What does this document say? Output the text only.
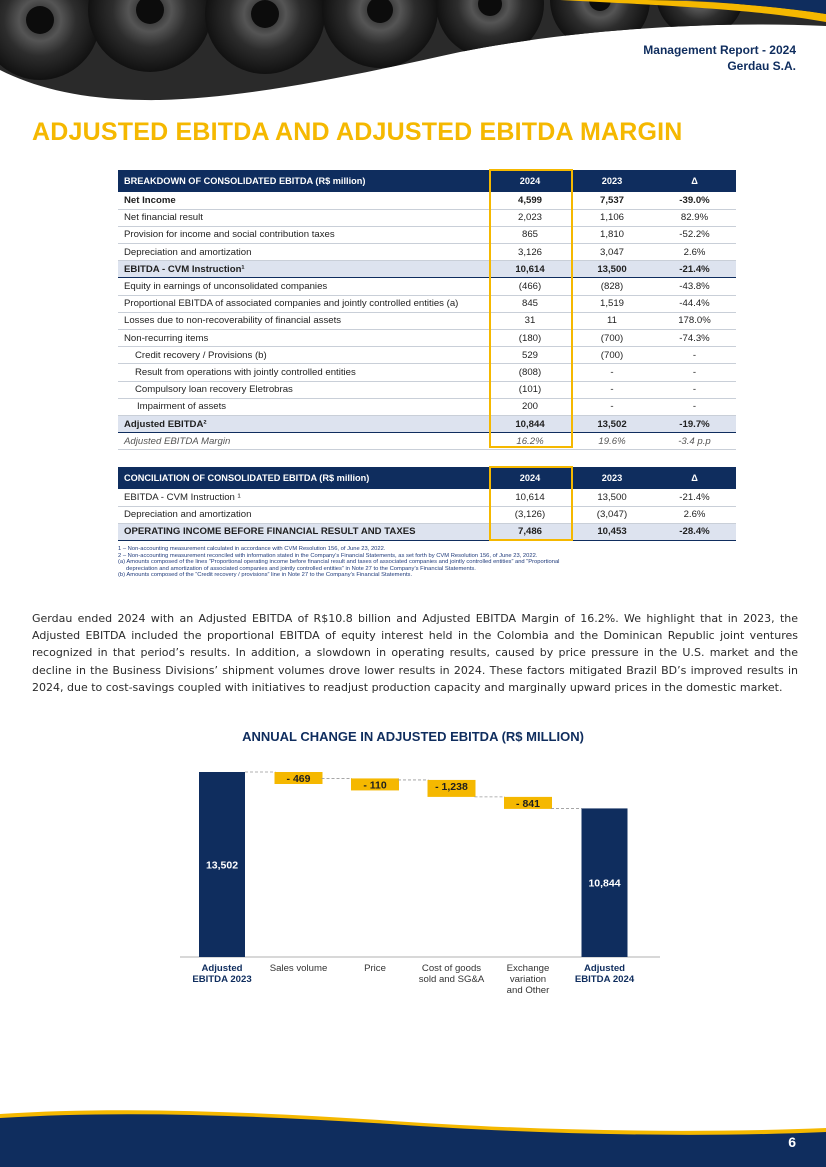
Management Report - 2024
Gerdau S.A.
ADJUSTED EBITDA AND ADJUSTED EBITDA MARGIN
BREAKDOWN OF CONSOLIDATED EBITDA (R$ million)	2024	2023	Δ
Net Income	4,599	7,537	-39.0%
Net financial result	2,023	1,106	82.9%
Provision for income and social contribution taxes	865	1,810	-52.2%
Depreciation and amortization	3,126	3,047	2.6%
EBITDA - CVM Instruction¹	10,614	13,500	-21.4%
Equity in earnings of unconsolidated companies	(466)	(828)	-43.8%
Proportional EBITDA of associated companies and jointly controlled entities (a)	845	1,519	-44.4%
Losses due to non-recoverability of financial assets	31	11	178.0%
Non-recurring items	(180)	(700)	-74.3%
Credit recovery / Provisions (b)	529	(700)	-
Result from operations with jointly controlled entities	(808)	-	-
Compulsory loan recovery Eletrobras	(101)	-	-
Impairment of assets	200	-	-
Adjusted EBITDA²	10,844	13,502	-19.7%
Adjusted EBITDA Margin	16.2%	19.6%	-3.4 p.p
CONCILIATION OF CONSOLIDATED EBITDA (R$ million)	2024	2023	Δ
EBITDA - CVM Instruction ¹	10,614	13,500	-21.4%
Depreciation and amortization	(3,126)	(3,047)	2.6%
OPERATING INCOME BEFORE FINANCIAL RESULT AND TAXES	7,486	10,453	-28.4%

1 – Non-accounting measurement calculated in accordance with CVM Resolution 156, of June 23, 2022.

2 – Non-accounting measurement reconciled with information stated in the Company’s Financial Statements, as set forth by CVM Resolution 156, of June 23, 2022.

(a) Amounts composed of the lines “Proportional operating income before financial result and taxes of associated companies and jointly controlled entities” and “Proportional

depreciation and amortization of associated companies and jointly controlled entities” in Note 27 to the Company’s Financial Statements.

(b) Amounts composed of the “Credit recovery / provisions” line in Note 27 to the Company’s Financial Statements.

Gerdau ended 2024 with an Adjusted EBITDA of R$10.8 billion and Adjusted EBITDA Margin of 16.2%. We highlight that in 2023, the Adjusted EBITDA included the proportional EBITDA of equity interest held in the Colombia and the Dominican Republic joint ventures recognized in that period’s results. In addition, a slowdown in operating results, caused by price pressure in the U.S. market and the decline in the Business Divisions’ shipment volumes drove lower results in 2024. These factors mitigated Brazil BD’s improved results in 2024, due to cost-savings coupled with initiatives to readjust production capacity and marginally upward prices in the domestic market.

ANNUAL CHANGE IN ADJUSTED EBITDA (R$ MILLION)
13,502
Adjusted
EBITDA 2023
- 469
Sales volume
- 110
Price
- 1,238
Cost of goods
sold and SG&A
- 841
Exchange
variation
and Other
10,844
Adjusted
EBITDA 2024
6
